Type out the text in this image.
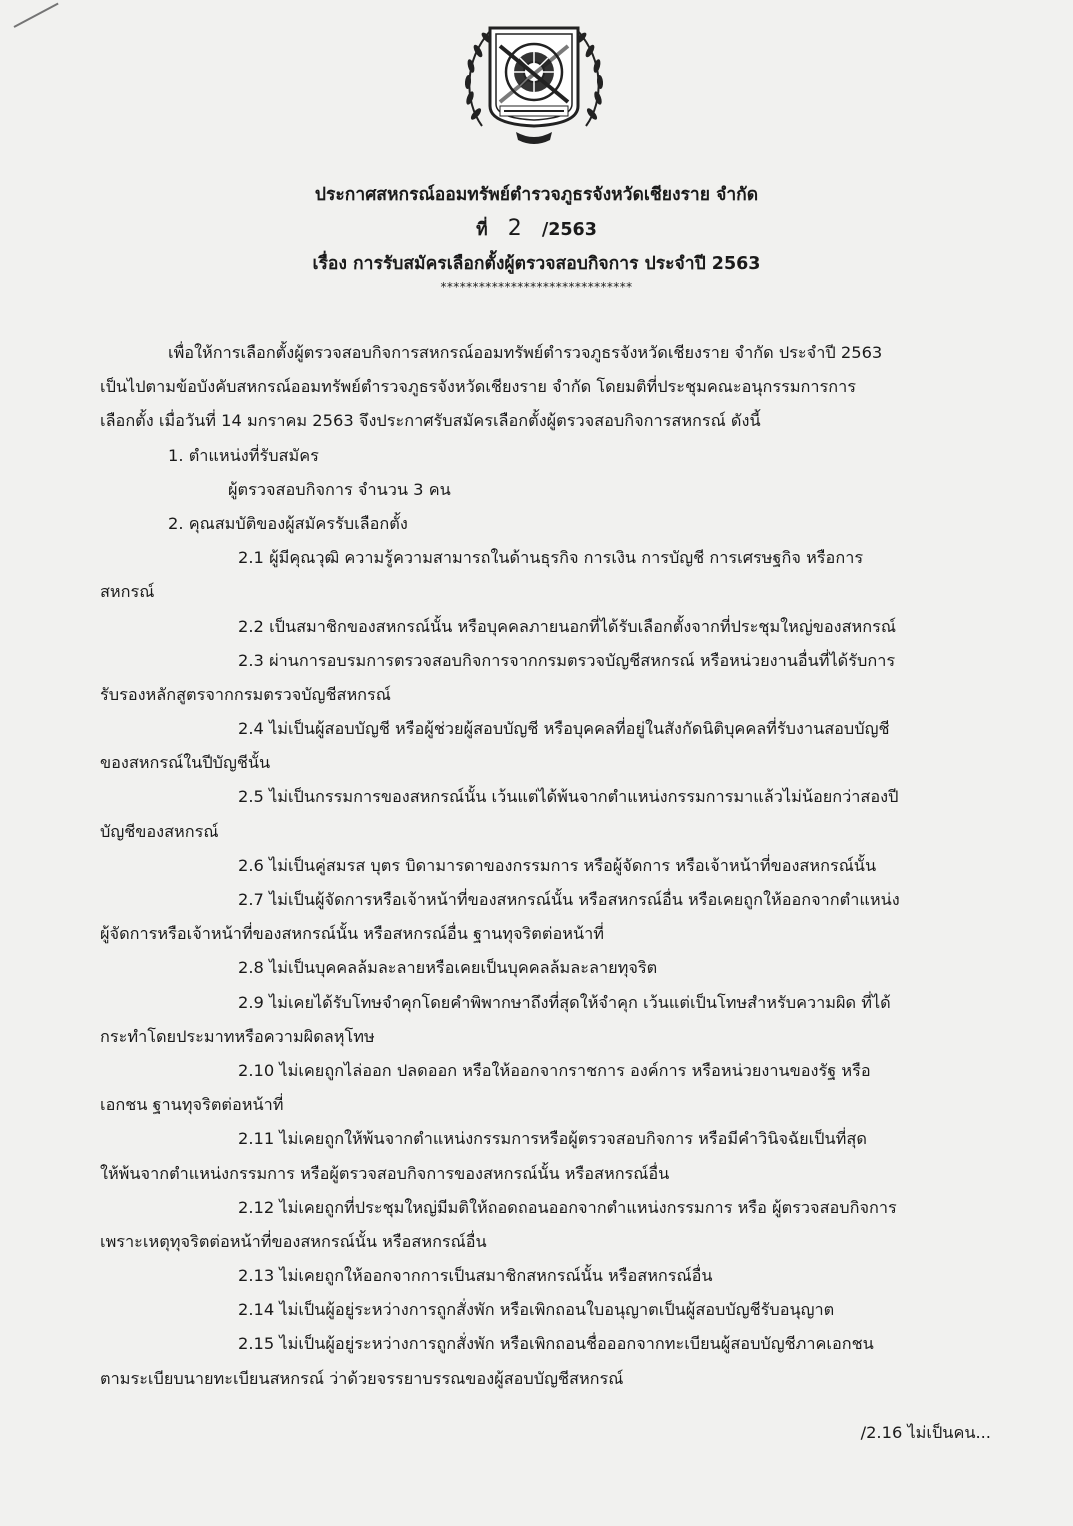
ประกาศสหกรณ์ออมทรัพย์ตำรวจภูธรจังหวัดเชียงราย จำกัด
ที่ 2 /2563
เรื่อง การรับสมัครเลือกตั้งผู้ตรวจสอบกิจการ ประจำปี 2563
******************************
เพื่อให้การเลือกตั้งผู้ตรวจสอบกิจการสหกรณ์ออมทรัพย์ตำรวจภูธรจังหวัดเชียงราย จำกัด ประจำปี 2563
เป็นไปตามข้อบังคับสหกรณ์ออมทรัพย์ตำรวจภูธรจังหวัดเชียงราย จำกัด โดยมติที่ประชุมคณะอนุกรรมการการ
เลือกตั้ง เมื่อวันที่ 14 มกราคม 2563 จึงประกาศรับสมัครเลือกตั้งผู้ตรวจสอบกิจการสหกรณ์ ดังนี้
1. ตำแหน่งที่รับสมัคร
ผู้ตรวจสอบกิจการ จำนวน 3 คน
2. คุณสมบัติของผู้สมัครรับเลือกตั้ง
2.1 ผู้มีคุณวุฒิ ความรู้ความสามารถในด้านธุรกิจ การเงิน การบัญชี การเศรษฐกิจ หรือการ
สหกรณ์
2.2 เป็นสมาชิกของสหกรณ์นั้น หรือบุคคลภายนอกที่ได้รับเลือกตั้งจากที่ประชุมใหญ่ของสหกรณ์
2.3 ผ่านการอบรมการตรวจสอบกิจการจากกรมตรวจบัญชีสหกรณ์ หรือหน่วยงานอื่นที่ได้รับการ
รับรองหลักสูตรจากกรมตรวจบัญชีสหกรณ์
2.4 ไม่เป็นผู้สอบบัญชี หรือผู้ช่วยผู้สอบบัญชี หรือบุคคลที่อยู่ในสังกัดนิติบุคคลที่รับงานสอบบัญชี
ของสหกรณ์ในปีบัญชีนั้น
2.5 ไม่เป็นกรรมการของสหกรณ์นั้น เว้นแต่ได้พ้นจากตำแหน่งกรรมการมาแล้วไม่น้อยกว่าสองปี
บัญชีของสหกรณ์
2.6 ไม่เป็นคู่สมรส บุตร บิดามารดาของกรรมการ หรือผู้จัดการ หรือเจ้าหน้าที่ของสหกรณ์นั้น
2.7 ไม่เป็นผู้จัดการหรือเจ้าหน้าที่ของสหกรณ์นั้น หรือสหกรณ์อื่น หรือเคยถูกให้ออกจากตำแหน่ง
ผู้จัดการหรือเจ้าหน้าที่ของสหกรณ์นั้น หรือสหกรณ์อื่น ฐานทุจริตต่อหน้าที่
2.8 ไม่เป็นบุคคลล้มละลายหรือเคยเป็นบุคคลล้มละลายทุจริต
2.9 ไม่เคยได้รับโทษจำคุกโดยคำพิพากษาถึงที่สุดให้จำคุก เว้นแต่เป็นโทษสำหรับความผิด ที่ได้
กระทำโดยประมาทหรือความผิดลหุโทษ
2.10 ไม่เคยถูกไล่ออก ปลดออก หรือให้ออกจากราชการ องค์การ หรือหน่วยงานของรัฐ หรือ
เอกชน ฐานทุจริตต่อหน้าที่
2.11 ไม่เคยถูกให้พ้นจากตำแหน่งกรรมการหรือผู้ตรวจสอบกิจการ หรือมีคำวินิจฉัยเป็นที่สุด
ให้พ้นจากตำแหน่งกรรมการ หรือผู้ตรวจสอบกิจการของสหกรณ์นั้น หรือสหกรณ์อื่น
2.12 ไม่เคยถูกที่ประชุมใหญ่มีมติให้ถอดถอนออกจากตำแหน่งกรรมการ หรือ ผู้ตรวจสอบกิจการ
เพราะเหตุทุจริตต่อหน้าที่ของสหกรณ์นั้น หรือสหกรณ์อื่น
2.13 ไม่เคยถูกให้ออกจากการเป็นสมาชิกสหกรณ์นั้น หรือสหกรณ์อื่น
2.14 ไม่เป็นผู้อยู่ระหว่างการถูกสั่งพัก หรือเพิกถอนใบอนุญาตเป็นผู้สอบบัญชีรับอนุญาต
2.15 ไม่เป็นผู้อยู่ระหว่างการถูกสั่งพัก หรือเพิกถอนชื่อออกจากทะเบียนผู้สอบบัญชีภาคเอกชน
ตามระเบียบนายทะเบียนสหกรณ์ ว่าด้วยจรรยาบรรณของผู้สอบบัญชีสหกรณ์
/2.16 ไม่เป็นคน...
